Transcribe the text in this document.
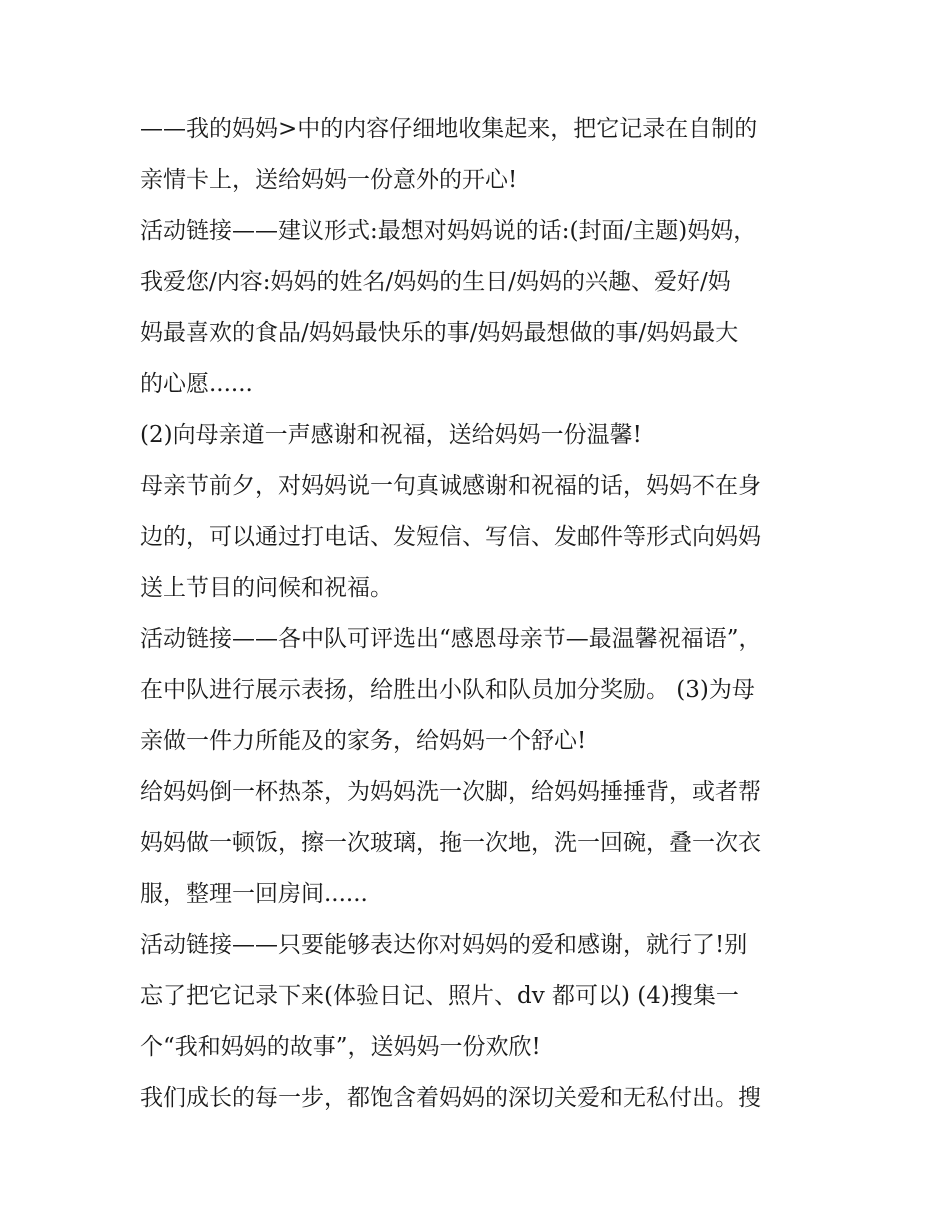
——我的妈妈>中的内容仔细地收集起来，把它记录在自制的
亲情卡上，送给妈妈一份意外的开心!
活动链接——建议形式:最想对妈妈说的话:(封面/主题)妈妈，
我爱您/内容:妈妈的姓名/妈妈的生日/妈妈的兴趣、爱好/妈
妈最喜欢的食品/妈妈最快乐的事/妈妈最想做的事/妈妈最大
的心愿......
(2)向母亲道一声感谢和祝福，送给妈妈一份温馨!
母亲节前夕，对妈妈说一句真诚感谢和祝福的话，妈妈不在身
边的，可以通过打电话、发短信、写信、发邮件等形式向妈妈
送上节目的问候和祝福。
活动链接——各中队可评选出“感恩母亲节—最温馨祝福语”，
在中队进行展示表扬，给胜出小队和队员加分奖励。 (3)为母
亲做一件力所能及的家务，给妈妈一个舒心!
给妈妈倒一杯热茶，为妈妈洗一次脚，给妈妈捶捶背，或者帮
妈妈做一顿饭，擦一次玻璃，拖一次地，洗一回碗，叠一次衣
服，整理一回房间......
活动链接——只要能够表达你对妈妈的爱和感谢，就行了!别
忘了把它记录下来(体验日记、照片、dv 都可以) (4)搜集一
个“我和妈妈的故事”，送妈妈一份欢欣!
我们成长的每一步，都饱含着妈妈的深切关爱和无私付出。搜
